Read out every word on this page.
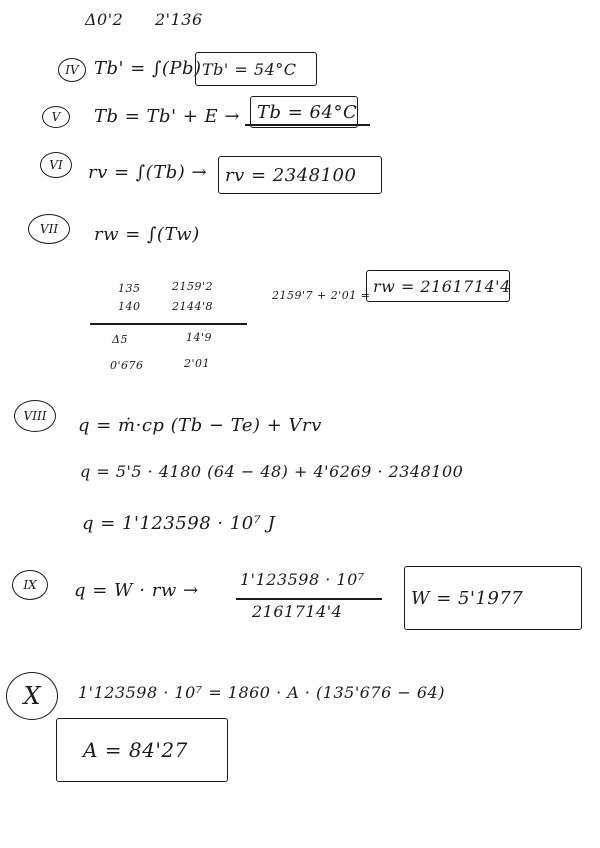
Δ0'2 2'136
IV Tb' = ∫(Pb) Tb' = 54°C
V Tb = Tb' + E → Tb = 64°C
VI rv = ∫(Tb) → rv = 2348100
VII rw = ∫(Tw)
135	2159'2
140	2144'8
Δ5	14'9
0'676	2'01
2159'7 + 2'01 = rw = 2161714'4
VIII q = ṁ·cp (Tb − Te) + Vrv
q = 5'5 · 4180 (64 − 48) + 4'6269 · 2348100
q = 1'123598 · 10⁷ J
IX q = W · rw →
1'123598 · 10⁷
2161714'4
W = 5'1977
X 1'123598 · 10⁷ = 1860 · A · (135'676 − 64)
A = 84'27
